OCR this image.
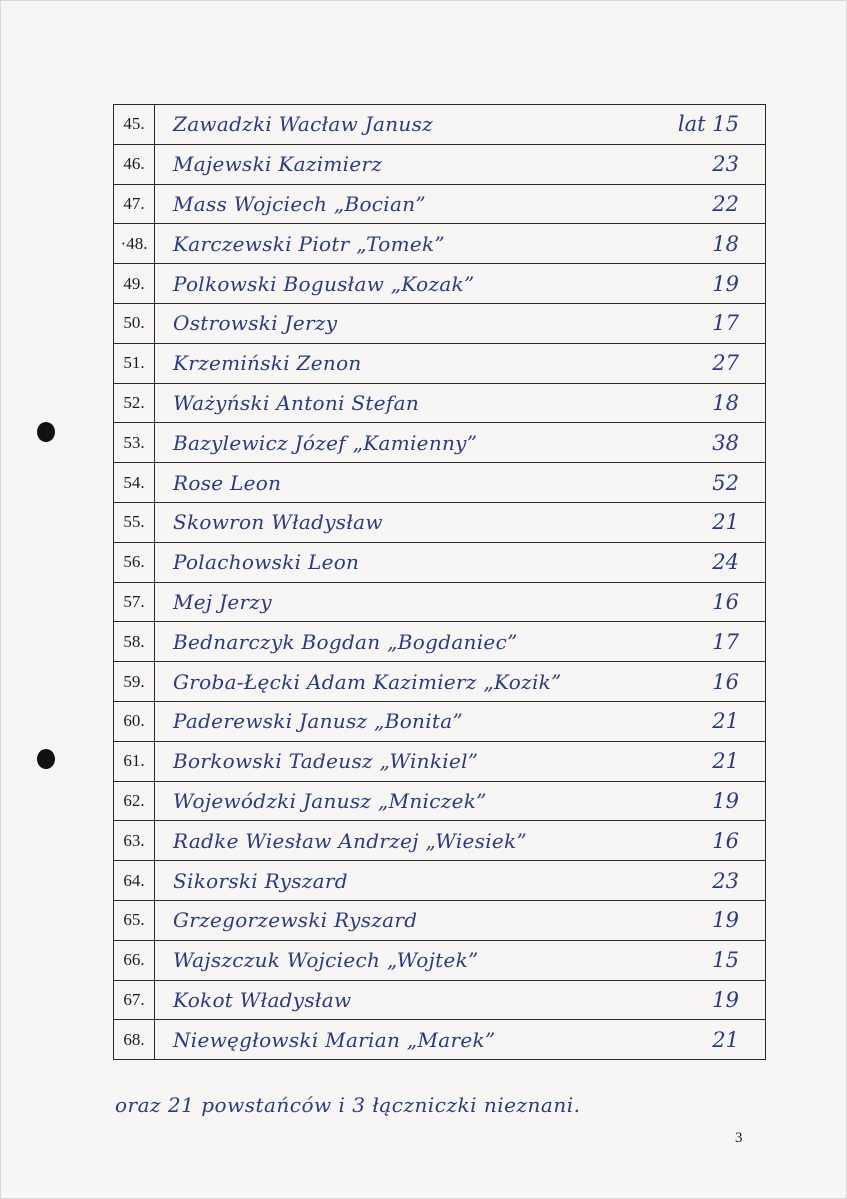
45.	Zawadzki Wacław Janusz lat 15

46.	Majewski Kazimierz 23

47.	Mass Wojciech „Bocian” 22

·48.	Karczewski Piotr „Tomek” 18

49.	Polkowski Bogusław „Kozak” 19

50.	Ostrowski Jerzy 17

51.	Krzemiński Zenon 27

52.	Ważyński Antoni Stefan 18

53.	Bazylewicz Józef „Kamienny” 38

54.	Rose Leon 52

55.	Skowron Władysław 21

56.	Polachowski Leon 24

57.	Mej Jerzy 16

58.	Bednarczyk Bogdan „Bogdaniec” 17

59.	Groba-Łęcki Adam Kazimierz „Kozik” 16

60.	Paderewski Janusz „Bonita” 21

61.	Borkowski Tadeusz „Winkiel” 21

62.	Wojewódzki Janusz „Mniczek” 19

63.	Radke Wiesław Andrzej „Wiesiek” 16

64.	Sikorski Ryszard 23

65.	Grzegorzewski Ryszard 19

66.	Wajszczuk Wojciech „Wojtek” 15

67.	Kokot Władysław 19

68.	Niewęgłowski Marian „Marek” 21
oraz 21 powstańców i 3 łączniczki nieznani.
3
